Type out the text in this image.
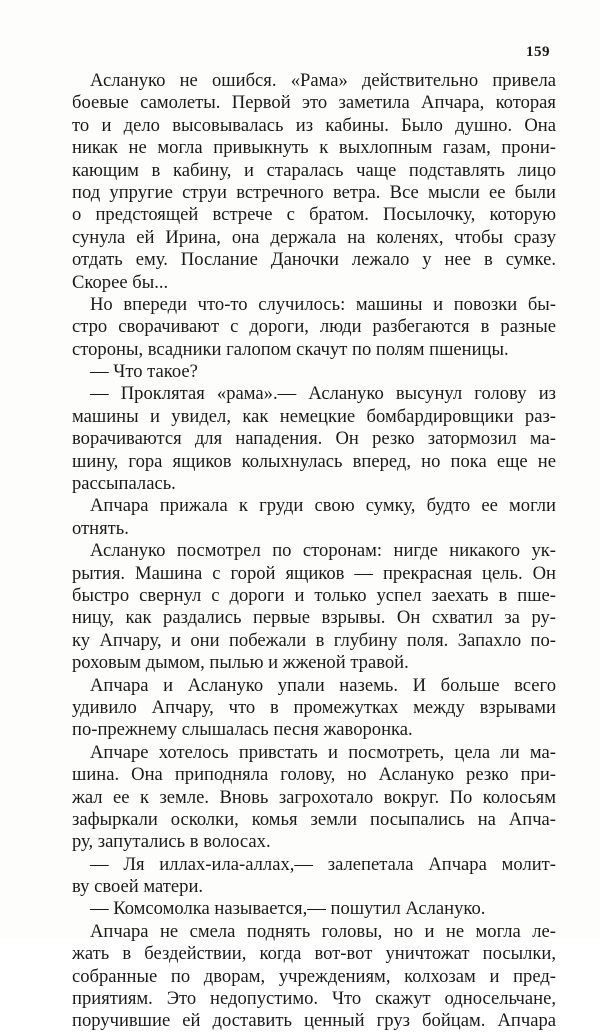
159
Аслануко не ошибся. «Рама» действительно привела
боевые самолеты. Первой это заметила Апчара, которая
то и дело высовывалась из кабины. Было душно. Она
никак не могла привыкнуть к выхлопным газам, прони-
кающим в кабину, и старалась чаще подставлять лицо
под упругие струи встречного ветра. Все мысли ее были
о предстоящей встрече с братом. Посылочку, которую
сунула ей Ирина, она держала на коленях, чтобы сразу
отдать ему. Послание Даночки лежало у нее в сумке.
Скорее бы...
Но впереди что-то случилось: машины и повозки бы-
стро сворачивают с дороги, люди разбегаются в разные
стороны, всадники галопом скачут по полям пшеницы.
— Что такое?
— Проклятая «рама».— Асланyко высунул голову из
машины и увидел, как немецкие бомбардировщики раз-
ворачиваются для нападения. Он резко затормозил ма-
шину, гора ящиков колыхнулась вперед, но пока еще не
рассыпалась.
Апчара прижала к груди свою сумку, будто ее могли
отнять.
Асланyко посмотрел по сторонам: нигде никакого ук-
рытия. Машина с горой ящиков — прекрасная цель. Он
быстро свернул с дороги и только успел заехать в пше-
ницу, как раздались первые взрывы. Он схватил за ру-
ку Апчару, и они побежали в глубину поля. Запахло по-
роховым дымом, пылью и жженой травой.
Апчара и Асланyко упали наземь. И больше всего
удивило Апчару, что в промежутках между взрывами
по-прежнему слышалась песня жаворонка.
Апчаре хотелось привстать и посмотреть, цела ли ма-
шина. Она приподняла голову, но Асланyко резко при-
жал ее к земле. Вновь загрохотало вокруг. По колосьям
зафыркали осколки, комья земли посыпались на Апча-
ру, запутались в волосах.
— Ля иллах-ила-аллах,— залепетала Апчара молит-
ву своей матери.
— Комсомолка называется,— пошутил Асланyко.
Апчара не смела поднять головы, но и не могла ле-
жать в бездействии, когда вот-вот уничтожат посылки,
собранные по дворам, учреждениям, колхозам и пред-
приятиям. Это недопустимо. Что скажут односельчане,
поручившие ей доставить ценный груз бойцам. Апчара
